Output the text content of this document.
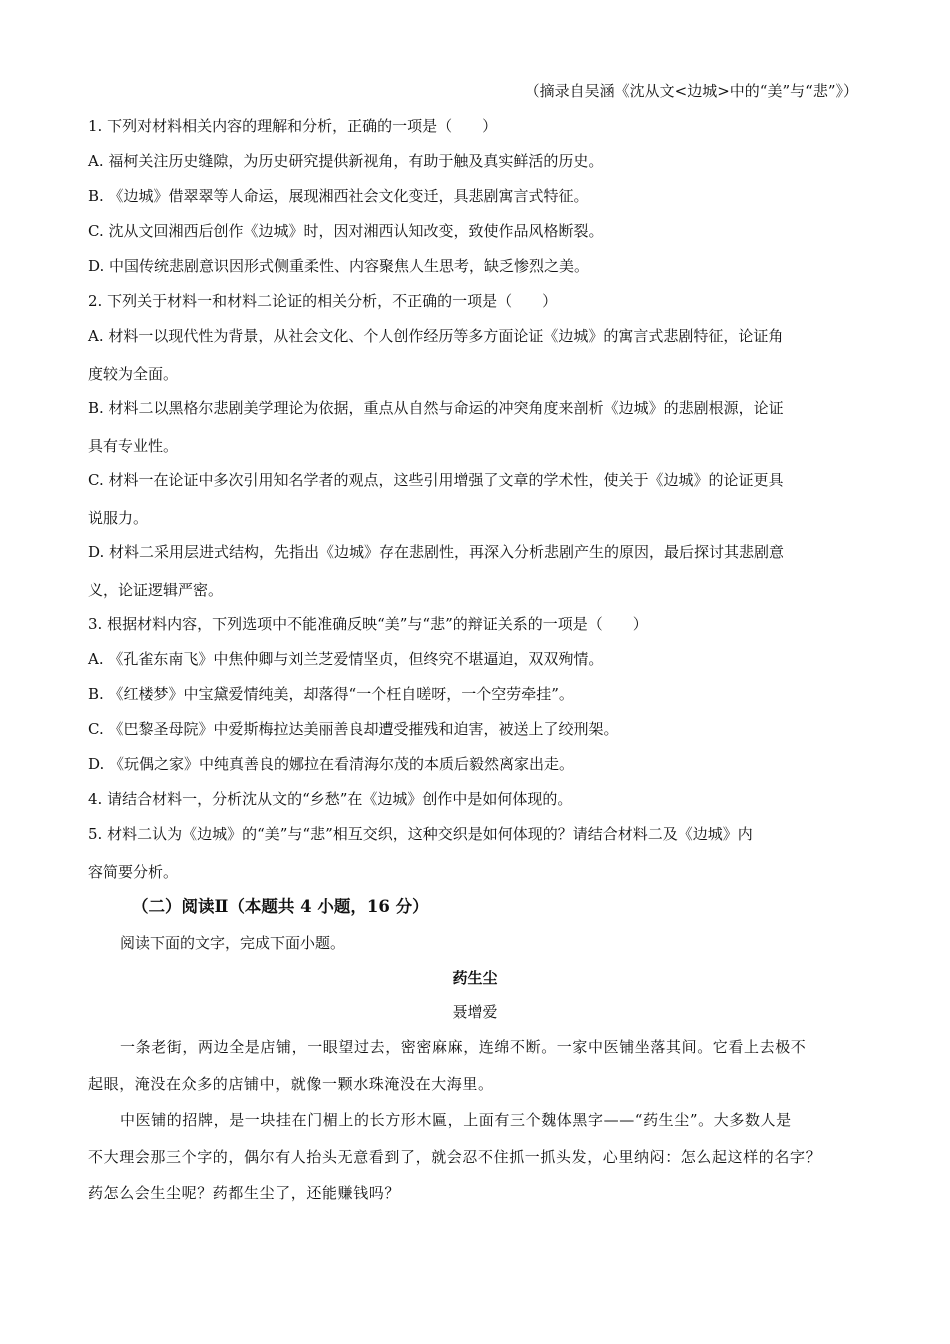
（摘录自吴涵《沈从文<边城>中的“美”与“悲”》）
1. 下列对材料相关内容的理解和分析，正确的一项是（　　）
A. 福柯关注历史缝隙，为历史研究提供新视角，有助于触及真实鲜活的历史。
B. 《边城》借翠翠等人命运，展现湘西社会文化变迁，具悲剧寓言式特征。
C. 沈从文回湘西后创作《边城》时，因对湘西认知改变，致使作品风格断裂。
D. 中国传统悲剧意识因形式侧重柔性、内容聚焦人生思考，缺乏惨烈之美。
2. 下列关于材料一和材料二论证的相关分析，不正确的一项是（　　）
A. 材料一以现代性为背景，从社会文化、个人创作经历等多方面论证《边城》的寓言式悲剧特征，论证角
度较为全面。
B. 材料二以黑格尔悲剧美学理论为依据，重点从自然与命运的冲突角度来剖析《边城》的悲剧根源，论证
具有专业性。
C. 材料一在论证中多次引用知名学者的观点，这些引用增强了文章的学术性，使关于《边城》的论证更具
说服力。
D. 材料二采用层进式结构，先指出《边城》存在悲剧性，再深入分析悲剧产生的原因，最后探讨其悲剧意
义，论证逻辑严密。
3. 根据材料内容，下列选项中不能准确反映“美”与“悲”的辩证关系的一项是（　　）
A. 《孔雀东南飞》中焦仲卿与刘兰芝爱情坚贞，但终究不堪逼迫，双双殉情。
B. 《红楼梦》中宝黛爱情纯美，却落得“一个枉自嗟呀，一个空劳牵挂”。
C. 《巴黎圣母院》中爱斯梅拉达美丽善良却遭受摧残和迫害，被送上了绞刑架。
D. 《玩偶之家》中纯真善良的娜拉在看清海尔茂的本质后毅然离家出走。
4. 请结合材料一，分析沈从文的“乡愁”在《边城》创作中是如何体现的。
5. 材料二认为《边城》的“美”与“悲”相互交织，这种交织是如何体现的？请结合材料二及《边城》内
容简要分析。
（二）阅读Ⅱ（本题共 4 小题，16 分）
阅读下面的文字，完成下面小题。
药生尘
聂增爱
一条老街，两边全是店铺，一眼望过去，密密麻麻，连绵不断。一家中医铺坐落其间。它看上去极不
起眼，淹没在众多的店铺中，就像一颗水珠淹没在大海里。
中医铺的招牌，是一块挂在门楣上的长方形木匾，上面有三个魏体黑字——“药生尘”。大多数人是
不大理会那三个字的，偶尔有人抬头无意看到了，就会忍不住抓一抓头发，心里纳闷：怎么起这样的名字？
药怎么会生尘呢？药都生尘了，还能赚钱吗？
